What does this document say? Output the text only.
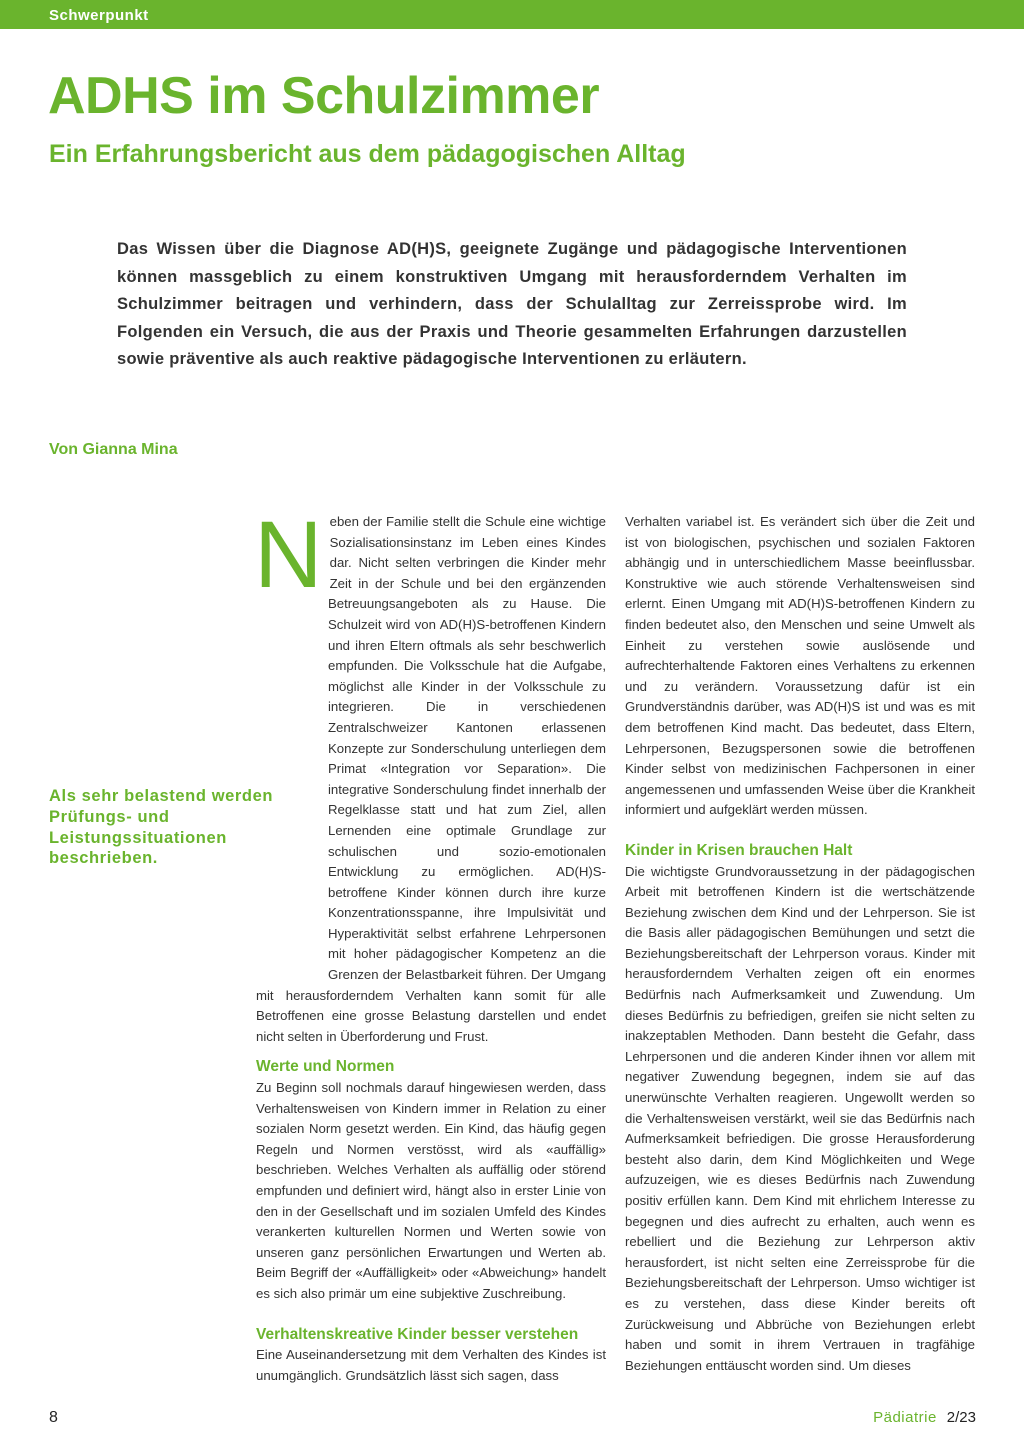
Schwerpunkt
ADHS im Schulzimmer
Ein Erfahrungsbericht aus dem pädagogischen Alltag

Das Wissen über die Diagnose AD(H)S, geeignete Zugänge und pädagogische Interventionen können massgeblich zu einem konstruktiven Umgang mit herausforderndem Verhalten im Schulzimmer beitragen und verhindern, dass der Schulalltag zur Zerreissprobe wird. Im Folgenden ein Versuch, die aus der Praxis und Theorie gesammelten Erfahrungen darzustellen sowie präventive als auch reaktive pädagogische Interventionen zu erläutern.

Von Gianna Mina

Als sehr belastend werden Prüfungs- und Leistungssituationen beschrieben.

N eben der Familie stellt die Schule eine wichtige Sozialisationsinstanz im Leben eines Kindes dar. Nicht selten verbringen die Kinder mehr Zeit in der Schule und bei den ergänzenden Betreuungsangeboten als zu Hause. Die Schulzeit wird von AD(H)S-betroffenen Kindern und ihren Eltern oftmals als sehr beschwerlich empfunden. Die Volksschule hat die Aufgabe, möglichst alle Kinder in der Volksschule zu integrieren. Die in verschiedenen Zentralschweizer Kantonen erlassenen Konzepte zur Sonderschulung unterliegen dem Primat «Integration vor Separation». Die integrative Sonderschulung findet innerhalb der Regelklasse statt und hat zum Ziel, allen Lernenden eine optimale Grundlage zur schulischen und sozio-emotionalen Entwicklung zu ermöglichen. AD(H)S-betroffene Kinder können durch ihre kurze Konzentrationsspanne, ihre Impulsivität und Hyperaktivität selbst erfahrene Lehrpersonen mit hoher pädagogischer Kompetenz an die Grenzen der Belastbarkeit führen. Der Umgang mit herausforderndem Verhalten kann somit für alle Betroffenen eine grosse Belastung darstellen und endet nicht selten in Überforderung und Frust.

Werte und Normen

Zu Beginn soll nochmals darauf hingewiesen werden, dass Verhaltensweisen von Kindern immer in Relation zu einer sozialen Norm gesetzt werden. Ein Kind, das häufig gegen Regeln und Normen verstösst, wird als «auffällig» beschrieben. Welches Verhalten als auffällig oder störend empfunden und definiert wird, hängt also in erster Linie von den in der Gesellschaft und im sozialen Umfeld des Kindes verankerten kulturellen Normen und Werten sowie von unseren ganz persönlichen Erwartungen und Werten ab. Beim Begriff der «Auffälligkeit» oder «Abweichung» handelt es sich also primär um eine subjektive Zuschreibung.

Verhaltenskreative Kinder besser verstehen

Eine Auseinandersetzung mit dem Verhalten des Kindes ist unumgänglich. Grundsätzlich lässt sich sagen, dass

Verhalten variabel ist. Es verändert sich über die Zeit und ist von biologischen, psychischen und sozialen Faktoren abhängig und in unterschiedlichem Masse beeinflussbar. Konstruktive wie auch störende Verhaltensweisen sind erlernt. Einen Umgang mit AD(H)S-betroffenen Kindern zu finden bedeutet also, den Menschen und seine Umwelt als Einheit zu verstehen sowie auslösende und aufrechterhaltende Faktoren eines Verhaltens zu erkennen und zu verändern. Voraussetzung dafür ist ein Grundverständnis darüber, was AD(H)S ist und was es mit dem betroffenen Kind macht. Das bedeutet, dass Eltern, Lehrpersonen, Bezugspersonen sowie die betroffenen Kinder selbst von medizinischen Fachpersonen in einer angemessenen und umfassenden Weise über die Krankheit informiert und aufgeklärt werden müssen.

Kinder in Krisen brauchen Halt

Die wichtigste Grundvoraussetzung in der pädagogischen Arbeit mit betroffenen Kindern ist die wertschätzende Beziehung zwischen dem Kind und der Lehrperson. Sie ist die Basis aller pädagogischen Bemühungen und setzt die Beziehungsbereitschaft der Lehrperson voraus. Kinder mit herausforderndem Verhalten zeigen oft ein enormes Bedürfnis nach Aufmerksamkeit und Zuwendung. Um dieses Bedürfnis zu befriedigen, greifen sie nicht selten zu inakzeptablen Methoden. Dann besteht die Gefahr, dass Lehrpersonen und die anderen Kinder ihnen vor allem mit negativer Zuwendung begegnen, indem sie auf das unerwünschte Verhalten reagieren. Ungewollt werden so die Verhaltensweisen verstärkt, weil sie das Bedürfnis nach Aufmerksamkeit befriedigen. Die grosse Herausforderung besteht also darin, dem Kind Möglichkeiten und Wege aufzuzeigen, wie es dieses Bedürfnis nach Zuwendung positiv erfüllen kann. Dem Kind mit ehrlichem Interesse zu begegnen und dies aufrecht zu erhalten, auch wenn es rebelliert und die Beziehung zur Lehrperson aktiv herausfordert, ist nicht selten eine Zerreissprobe für die Beziehungsbereitschaft der Lehrperson. Umso wichtiger ist es zu verstehen, dass diese Kinder bereits oft Zurückweisung und Abbrüche von Beziehungen erlebt haben und somit in ihrem Vertrauen in tragfähige Beziehungen enttäuscht worden sind. Um dieses

8	Pädiatrie 2/23
